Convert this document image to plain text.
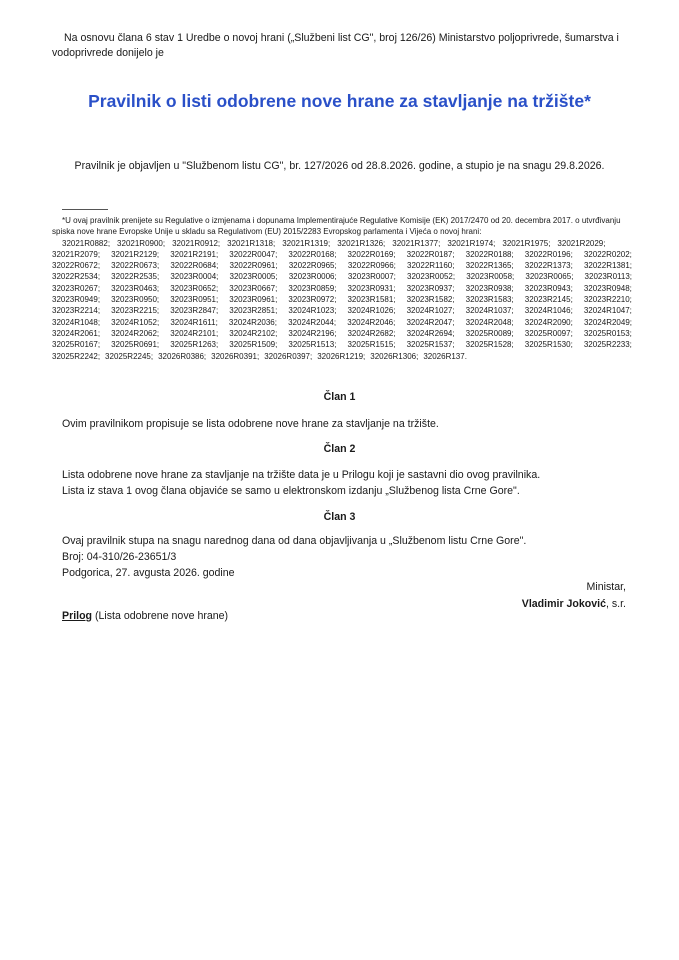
Na osnovu člana 6 stav 1 Uredbe o novoj hrani („Službeni list CG", broj 126/26) Ministarstvo poljoprivrede, šumarstva i vodoprivrede donijelo je
Pravilnik o listi odobrene nove hrane za stavljanje na tržište*
Pravilnik je objavljen u "Službenom listu CG", br. 127/2026 od 28.8.2026. godine, a stupio je na snagu 29.8.2026.
*U ovaj pravilnik prenijete su Regulative o izmjenama i dopunama Implementirajuće Regulative Komisije (EK) 2017/2470 od 20. decembra 2017. o utvrđivanju spiska nove hrane Evropske Unije u skladu sa Regulativom (EU) 2015/2283 Evropskog parlamenta i Vijeća o novoj hrani:
32021R0882; 32021R0900; 32021R0912; 32021R1318; 32021R1319; 32021R1326; 32021R1377; 32021R1974; 32021R1975; 32021R2029;
32021R2079; 32021R2129; 32021R2191; 32022R0047; 32022R0168; 32022R0169; 32022R0187; 32022R0188; 32022R0196; 32022R0202;
32022R0672; 32022R0673; 32022R0684; 32022R0961; 32022R0965; 32022R0966; 32022R1160; 32022R1365; 32022R1373; 32022R1381;
32022R2534; 32022R2535; 32023R0004; 32023R0005; 32023R0006; 32023R0007; 32023R0052; 32023R0058; 32023R0065; 32023R0113;
32023R0267; 32023R0463; 32023R0652; 32023R0667; 32023R0859; 32023R0931; 32023R0937; 32023R0938; 32023R0943; 32023R0948;
32023R0949; 32023R0950; 32023R0951; 32023R0961; 32023R0972; 32023R1581; 32023R1582; 32023R1583; 32023R2145; 32023R2210;
32023R2214; 32023R2215; 32023R2847; 32023R2851; 32024R1023; 32024R1026; 32024R1027; 32024R1037; 32024R1046; 32024R1047;
32024R1048; 32024R1052; 32024R1611; 32024R2036; 32024R2044; 32024R2046; 32024R2047; 32024R2048; 32024R2090; 32024R2049;
32024R2061; 32024R2062; 32024R2101; 32024R2102; 32024R2196; 32024R2682; 32024R2694; 32025R0089; 32025R0097; 32025R0153;
32025R0167; 32025R0691; 32025R1263; 32025R1509; 32025R1513; 32025R1515; 32025R1537; 32025R1528; 32025R1530; 32025R2233;
32025R2242; 32025R2245; 32026R0386; 32026R0391; 32026R0397; 32026R1219; 32026R1306; 32026R137.
Član 1
Ovim pravilnikom propisuje se lista odobrene nove hrane za stavljanje na tržište.
Član 2
Lista odobrene nove hrane za stavljanje na tržište data je u Prilogu koji je sastavni dio ovog pravilnika.
Lista iz stava 1 ovog člana objaviće se samo u elektronskom izdanju „Službenog lista Crne Gore".
Član 3
Ovaj pravilnik stupa na snagu narednog dana od dana objavljivanja u „Službenom listu Crne Gore".
Broj: 04-310/26-23651/3
Podgorica, 27. avgusta 2026. godine
Ministar,
Vladimir Joković, s.r.
Prilog (Lista odobrene nove hrane)
